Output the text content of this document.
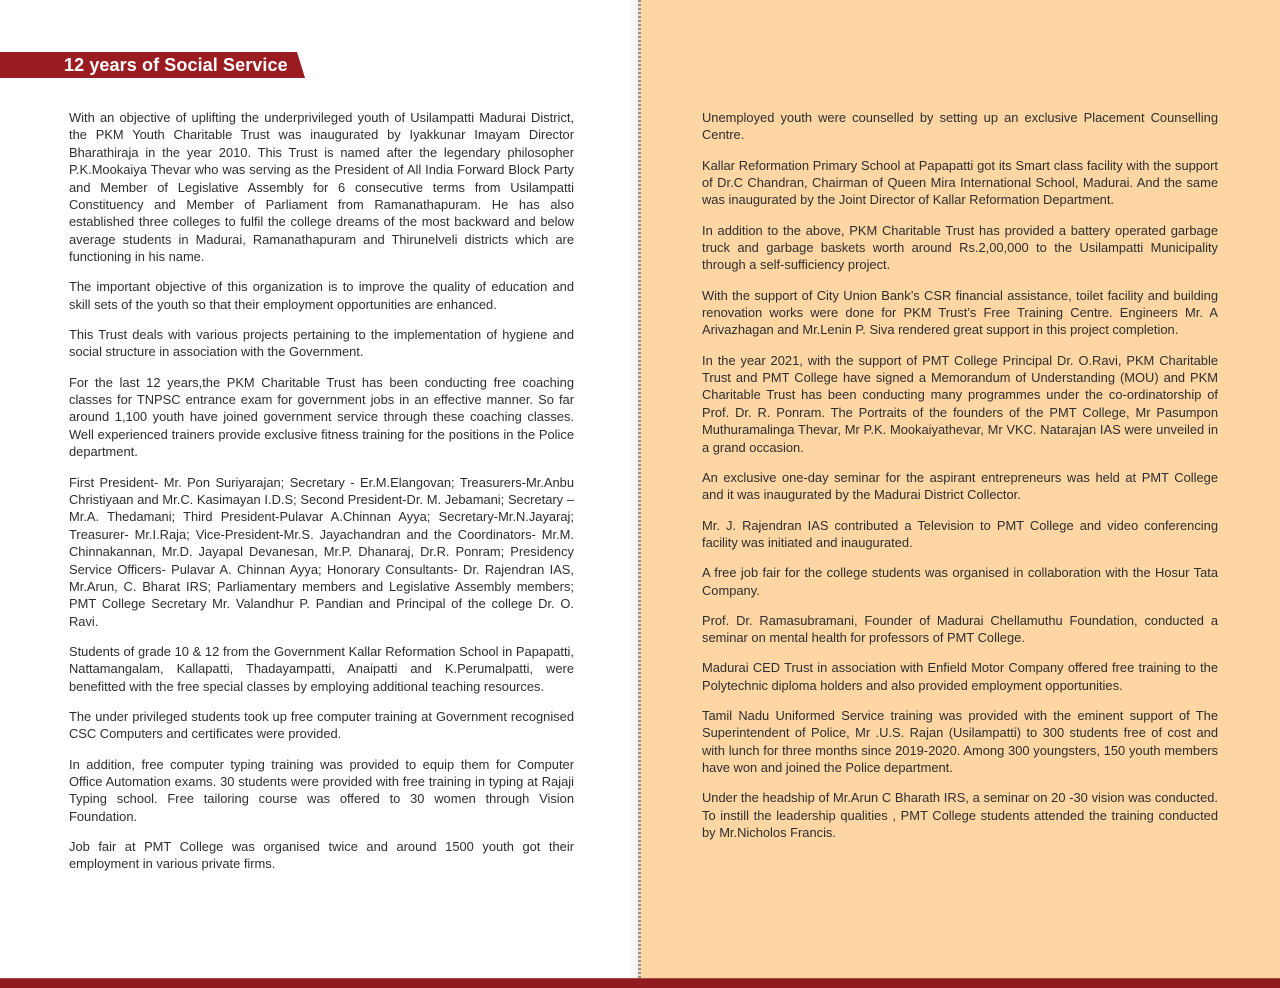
12 years of Social Service

With an objective of uplifting the underprivileged youth of Usilampatti Madurai District, the PKM Youth Charitable Trust was inaugurated by Iyakkunar Imayam Director Bharathiraja in the year 2010. This Trust is named after the legendary philosopher P.K.Mookaiya Thevar who was serving as the President of All India Forward Block Party and Member of Legislative Assembly for 6 consecutive terms from Usilampatti Constituency and Member of Parliament from Ramanathapuram. He has also established three colleges to fulfil the college dreams of the most backward and below average students in Madurai, Ramanathapuram and Thirunelveli districts which are functioning in his name.

The important objective of this organization is to improve the quality of education and skill sets of the youth so that their employment opportunities are enhanced.

This Trust deals with various projects pertaining to the implementation of hygiene and social structure in association with the Government.

For the last 12 years,the PKM Charitable Trust has been conducting free coaching classes for TNPSC entrance exam for government jobs in an effective manner. So far around 1,100 youth have joined government service through these coaching classes. Well experienced trainers provide exclusive fitness training for the positions in the Police department.

First President- Mr. Pon Suriyarajan; Secretary - Er.M.Elangovan; Treasurers-Mr.Anbu Christiyaan and Mr.C. Kasimayan I.D.S; Second President-Dr. M. Jebamani; Secretary – Mr.A. Thedamani; Third President-Pulavar A.Chinnan Ayya; Secretary-Mr.N.Jayaraj; Treasurer- Mr.I.Raja; Vice-President-Mr.S. Jayachandran and the Coordinators- Mr.M. Chinnakannan, Mr.D. Jayapal Devanesan, Mr.P. Dhanaraj, Dr.R. Ponram; Presidency Service Officers- Pulavar A. Chinnan Ayya; Honorary Consultants- Dr. Rajendran IAS, Mr.Arun, C. Bharat IRS; Parliamentary members and Legislative Assembly members; PMT College Secretary Mr. Valandhur P. Pandian and Principal of the college Dr. O. Ravi.

Students of grade 10 & 12 from the Government Kallar Reformation School in Papapatti, Nattamangalam, Kallapatti, Thadayampatti, Anaipatti and K.Perumalpatti, were benefitted with the free special classes by employing additional teaching resources.

The under privileged students took up free computer training at Government recognised CSC Computers and certificates were provided.

In addition, free computer typing training was provided to equip them for Computer Office Automation exams. 30 students were provided with free training in typing at Rajaji Typing school. Free tailoring course was offered to 30 women through Vision Foundation.

Job fair at PMT College was organised twice and around 1500 youth got their employment in various private firms.

Unemployed youth were counselled by setting up an exclusive Placement Counselling Centre.

Kallar Reformation Primary School at Papapatti got its Smart class facility with the support of Dr.C Chandran, Chairman of Queen Mira International School, Madurai. And the same was inaugurated by the Joint Director of Kallar Reformation Department.

In addition to the above, PKM Charitable Trust has provided a battery operated garbage truck and garbage baskets worth around Rs.2,00,000 to the Usilampatti Municipality through a self-sufficiency project.

With the support of City Union Bank’s CSR financial assistance, toilet facility and building renovation works were done for PKM Trust’s Free Training Centre. Engineers Mr. A Arivazhagan and Mr.Lenin P. Siva rendered great support in this project completion.

In the year 2021, with the support of PMT College Principal Dr. O.Ravi, PKM Charitable Trust and PMT College have signed a Memorandum of Understanding (MOU) and PKM Charitable Trust has been conducting many programmes under the co-ordinatorship of Prof. Dr. R. Ponram. The Portraits of the founders of the PMT College, Mr Pasumpon Muthuramalinga Thevar, Mr P.K. Mookaiyathevar, Mr VKC. Natarajan IAS were unveiled in a grand occasion.

An exclusive one-day seminar for the aspirant entrepreneurs was held at PMT College and it was inaugurated by the Madurai District Collector.

Mr. J. Rajendran IAS contributed a Television to PMT College and video conferencing facility was initiated and inaugurated.

A free job fair for the college students was organised in collaboration with the Hosur Tata Company.

Prof. Dr. Ramasubramani, Founder of Madurai Chellamuthu Foundation, conducted a seminar on mental health for professors of PMT College.

Madurai CED Trust in association with Enfield Motor Company offered free training to the Polytechnic diploma holders and also provided employment opportunities.

Tamil Nadu Uniformed Service training was provided with the eminent support of The Superintendent of Police, Mr .U.S. Rajan (Usilampatti) to 300 students free of cost and with lunch for three months since 2019-2020. Among 300 youngsters, 150 youth members have won and joined the Police department.

Under the headship of Mr.Arun C Bharath IRS, a seminar on 20 -30 vision was conducted. To instill the leadership qualities , PMT College students attended the training conducted by Mr.Nicholos Francis.
